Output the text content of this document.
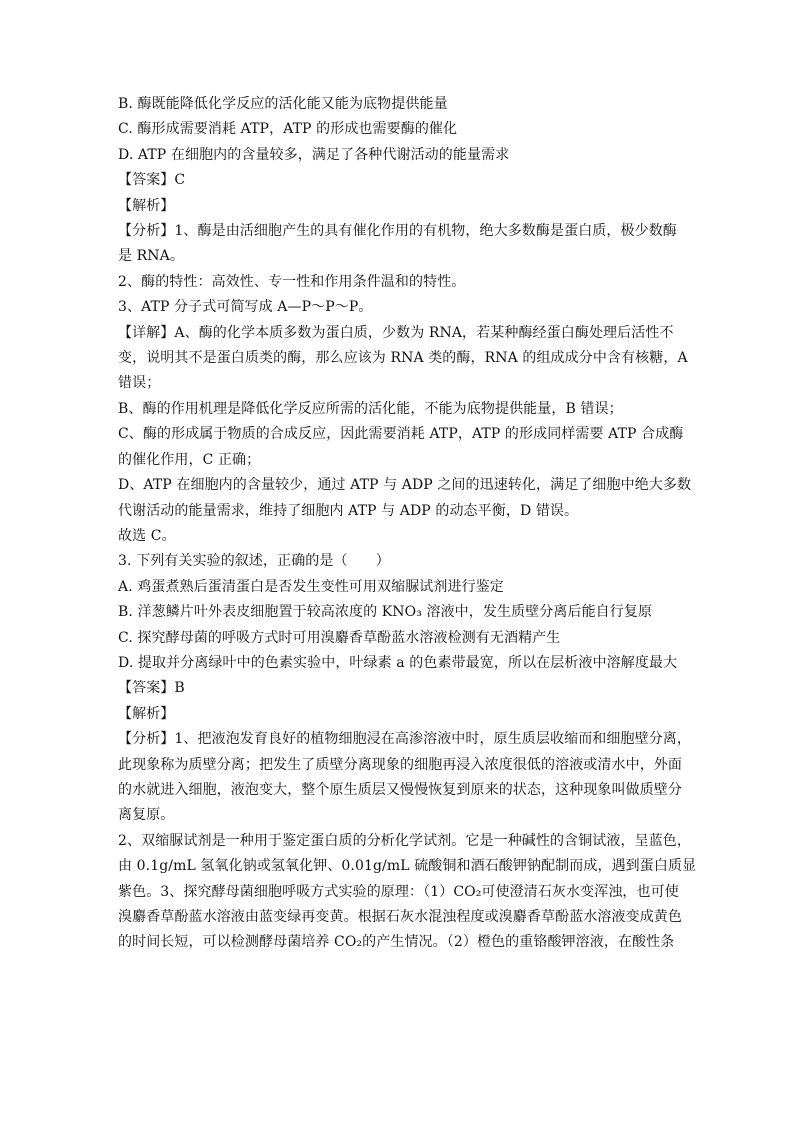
B. 酶既能降低化学反应的活化能又能为底物提供能量
C. 酶形成需要消耗 ATP，ATP 的形成也需要酶的催化
D. ATP 在细胞内的含量较多，满足了各种代谢活动的能量需求
【答案】C
【解析】
【分析】1、酶是由活细胞产生的具有催化作用的有机物，绝大多数酶是蛋白质，极少数酶
是 RNA。
2、酶的特性：高效性、专一性和作用条件温和的特性。
3、ATP 分子式可简写成 A—P～P～P。
【详解】A、酶的化学本质多数为蛋白质，少数为 RNA，若某种酶经蛋白酶处理后活性不
变，说明其不是蛋白质类的酶，那么应该为 RNA 类的酶，RNA 的组成成分中含有核糖，A
错误；
B、酶的作用机理是降低化学反应所需的活化能，不能为底物提供能量，B 错误；
C、酶的形成属于物质的合成反应，因此需要消耗 ATP，ATP 的形成同样需要 ATP 合成酶
的催化作用，C 正确；
D、ATP 在细胞内的含量较少，通过 ATP 与 ADP 之间的迅速转化，满足了细胞中绝大多数
代谢活动的能量需求，维持了细胞内 ATP 与 ADP 的动态平衡，D 错误。
故选 C。
3. 下列有关实验的叙述，正确的是（　　）
A. 鸡蛋煮熟后蛋清蛋白是否发生变性可用双缩脲试剂进行鉴定
B. 洋葱鳞片叶外表皮细胞置于较高浓度的 KNO₃ 溶液中，发生质壁分离后能自行复原
C. 探究酵母菌的呼吸方式时可用溴麝香草酚蓝水溶液检测有无酒精产生
D. 提取并分离绿叶中的色素实验中，叶绿素 a 的色素带最宽，所以在层析液中溶解度最大
【答案】B
【解析】
【分析】1、把液泡发育良好的植物细胞浸在高渗溶液中时，原生质层收缩而和细胞壁分离，
此现象称为质壁分离；把发生了质壁分离现象的细胞再浸入浓度很低的溶液或清水中，外面
的水就进入细胞，液泡变大，整个原生质层又慢慢恢复到原来的状态，这种现象叫做质壁分
离复原。
2、双缩脲试剂是一种用于鉴定蛋白质的分析化学试剂。它是一种碱性的含铜试液，呈蓝色，
由 0.1g/mL 氢氧化钠或氢氧化钾、0.01g/mL 硫酸铜和酒石酸钾钠配制而成，遇到蛋白质显
紫色。3、探究酵母菌细胞呼吸方式实验的原理：（1）CO₂可使澄清石灰水变浑浊，也可使
溴麝香草酚蓝水溶液由蓝变绿再变黄。根据石灰水混浊程度或溴麝香草酚蓝水溶液变成黄色
的时间长短，可以检测酵母菌培养 CO₂的产生情况。（2）橙色的重铬酸钾溶液，在酸性条
